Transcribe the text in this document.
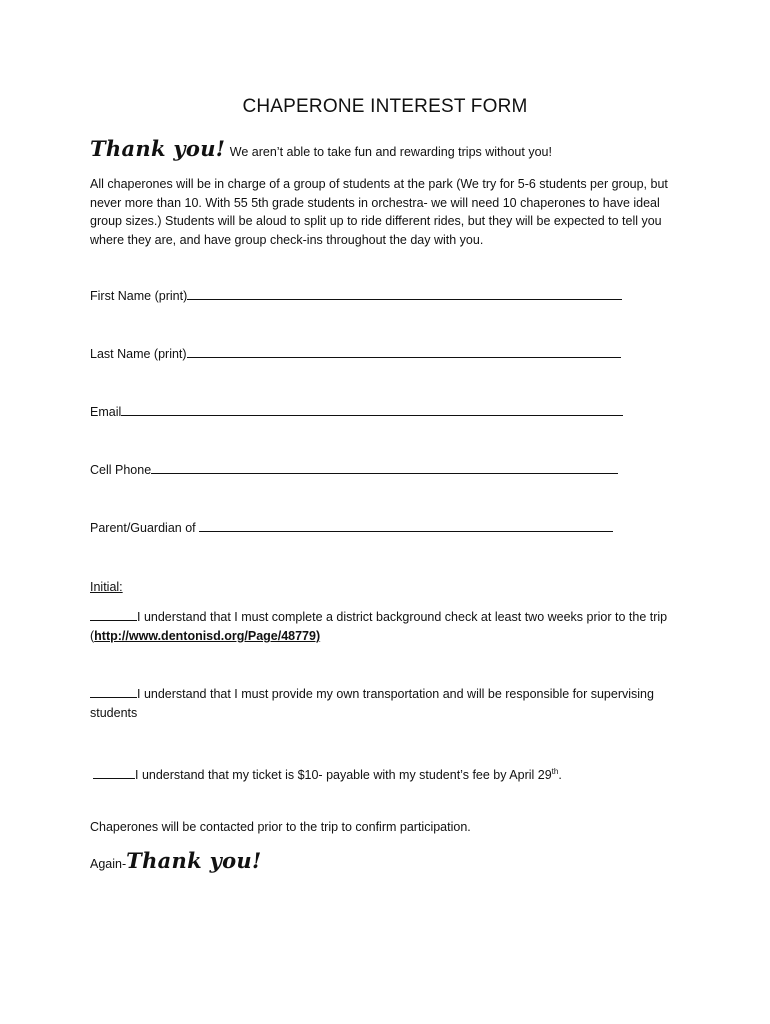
CHAPERONE INTEREST FORM
Thank you! We aren’t able to take fun and rewarding trips without you!
All chaperones will be in charge of a group of students at the park (We try for 5-6 students per group, but never more than 10. With 55 5th grade students in orchestra- we will need 10 chaperones to have ideal group sizes.) Students will be aloud to split up to ride different rides, but they will be expected to tell you where they are, and have group check-ins throughout the day with you.
First Name (print)
Last Name (print)
Email
Cell Phone
Parent/Guardian of
Initial:
I understand that I must complete a district background check at least two weeks prior to the trip (http://www.dentonisd.org/Page/48779)
I understand that I must provide my own transportation and will be responsible for supervising students
I understand that my ticket is $10- payable with my student’s fee by April 29th.
Chaperones will be contacted prior to the trip to confirm participation.
Again-Thank you!
